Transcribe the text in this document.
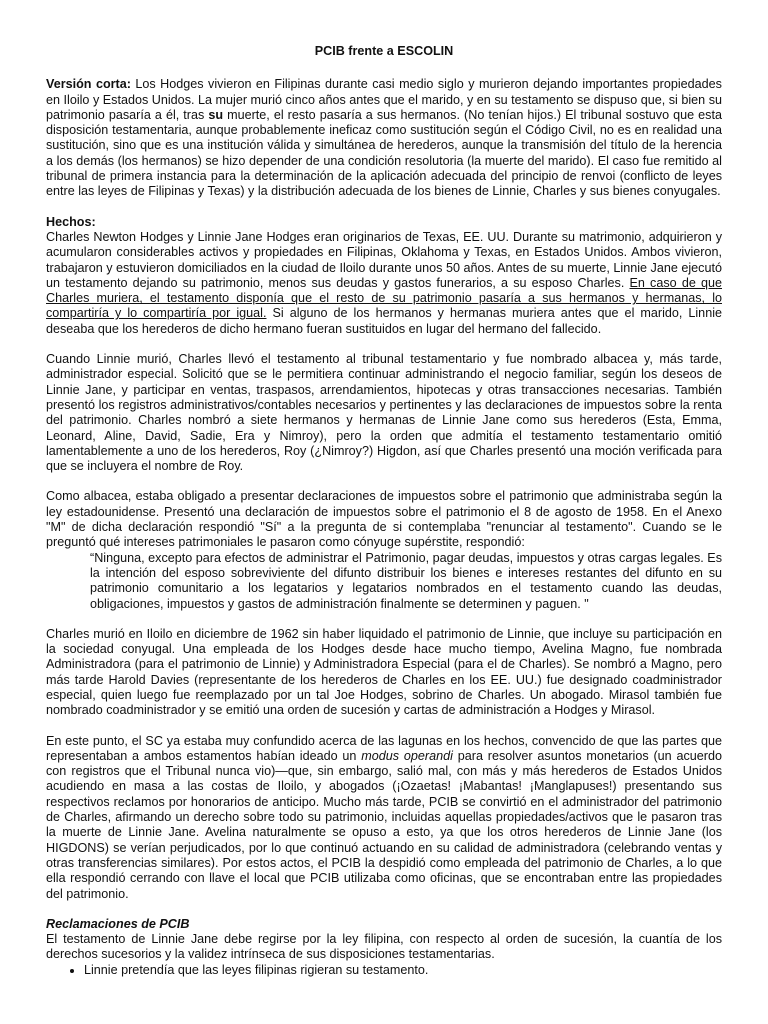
PCIB frente a ESCOLIN

Versión corta: Los Hodges vivieron en Filipinas durante casi medio siglo y murieron dejando importantes propiedades en Iloilo y Estados Unidos. La mujer murió cinco años antes que el marido, y en su testamento se dispuso que, si bien su patrimonio pasaría a él, tras su muerte, el resto pasaría a sus hermanos. (No tenían hijos.) El tribunal sostuvo que esta disposición testamentaria, aunque probablemente ineficaz como sustitución según el Código Civil, no es en realidad una sustitución, sino que es una institución válida y simultánea de herederos, aunque la transmisión del título de la herencia a los demás (los hermanos) se hizo depender de una condición resolutoria (la muerte del marido). El caso fue remitido al tribunal de primera instancia para la determinación de la aplicación adecuada del principio de renvoi (conflicto de leyes entre las leyes de Filipinas y Texas) y la distribución adecuada de los bienes de Linnie, Charles y sus bienes conyugales.

Hechos:

Charles Newton Hodges y Linnie Jane Hodges eran originarios de Texas, EE. UU. Durante su matrimonio, adquirieron y acumularon considerables activos y propiedades en Filipinas, Oklahoma y Texas, en Estados Unidos. Ambos vivieron, trabajaron y estuvieron domiciliados en la ciudad de Iloilo durante unos 50 años. Antes de su muerte, Linnie Jane ejecutó un testamento dejando su patrimonio, menos sus deudas y gastos funerarios, a su esposo Charles. En caso de que Charles muriera, el testamento disponía que el resto de su patrimonio pasaría a sus hermanos y hermanas, lo compartiría y lo compartiría por igual. Si alguno de los hermanos y hermanas muriera antes que el marido, Linnie deseaba que los herederos de dicho hermano fueran sustituidos en lugar del hermano del fallecido.

Cuando Linnie murió, Charles llevó el testamento al tribunal testamentario y fue nombrado albacea y, más tarde, administrador especial. Solicitó que se le permitiera continuar administrando el negocio familiar, según los deseos de Linnie Jane, y participar en ventas, traspasos, arrendamientos, hipotecas y otras transacciones necesarias. También presentó los registros administrativos/contables necesarios y pertinentes y las declaraciones de impuestos sobre la renta del patrimonio. Charles nombró a siete hermanos y hermanas de Linnie Jane como sus herederos (Esta, Emma, Leonard, Aline, David, Sadie, Era y Nimroy), pero la orden que admitía el testamento testamentario omitió lamentablemente a uno de los herederos, Roy (¿Nimroy?) Higdon, así que Charles presentó una moción verificada para que se incluyera el nombre de Roy.

Como albacea, estaba obligado a presentar declaraciones de impuestos sobre el patrimonio que administraba según la ley estadounidense. Presentó una declaración de impuestos sobre el patrimonio el 8 de agosto de 1958. En el Anexo "M" de dicha declaración respondió "Sí" a la pregunta de si contemplaba "renunciar al testamento". Cuando se le preguntó qué intereses patrimoniales le pasaron como cónyuge supérstite, respondió:

“Ninguna, excepto para efectos de administrar el Patrimonio, pagar deudas, impuestos y otras cargas legales. Es la intención del esposo sobreviviente del difunto distribuir los bienes e intereses restantes del difunto en su patrimonio comunitario a los legatarios y legatarios nombrados en el testamento cuando las deudas, obligaciones, impuestos y gastos de administración finalmente se determinen y paguen. "

Charles murió en Iloilo en diciembre de 1962 sin haber liquidado el patrimonio de Linnie, que incluye su participación en la sociedad conyugal. Una empleada de los Hodges desde hace mucho tiempo, Avelina Magno, fue nombrada Administradora (para el patrimonio de Linnie) y Administradora Especial (para el de Charles). Se nombró a Magno, pero más tarde Harold Davies (representante de los herederos de Charles en los EE. UU.) fue designado coadministrador especial, quien luego fue reemplazado por un tal Joe Hodges, sobrino de Charles. Un abogado. Mirasol también fue nombrado coadministrador y se emitió una orden de sucesión y cartas de administración a Hodges y Mirasol.

En este punto, el SC ya estaba muy confundido acerca de las lagunas en los hechos, convencido de que las partes que representaban a ambos estamentos habían ideado un modus operandi para resolver asuntos monetarios (un acuerdo con registros que el Tribunal nunca vio)—que, sin embargo, salió mal, con más y más herederos de Estados Unidos acudiendo en masa a las costas de Iloilo, y abogados (¡Ozaetas! ¡Mabantas! ¡Manglapuses!) presentando sus respectivos reclamos por honorarios de anticipo. Mucho más tarde, PCIB se convirtió en el administrador del patrimonio de Charles, afirmando un derecho sobre todo su patrimonio, incluidas aquellas propiedades/activos que le pasaron tras la muerte de Linnie Jane. Avelina naturalmente se opuso a esto, ya que los otros herederos de Linnie Jane (los HIGDONS) se verían perjudicados, por lo que continuó actuando en su calidad de administradora (celebrando ventas y otras transferencias similares). Por estos actos, el PCIB la despidió como empleada del patrimonio de Charles, a lo que ella respondió cerrando con llave el local que PCIB utilizaba como oficinas, que se encontraban entre las propiedades del patrimonio.

Reclamaciones de PCIB

El testamento de Linnie Jane debe regirse por la ley filipina, con respecto al orden de sucesión, la cuantía de los derechos sucesorios y la validez intrínseca de sus disposiciones testamentarias.

• Linnie pretendía que las leyes filipinas rigieran su testamento.
